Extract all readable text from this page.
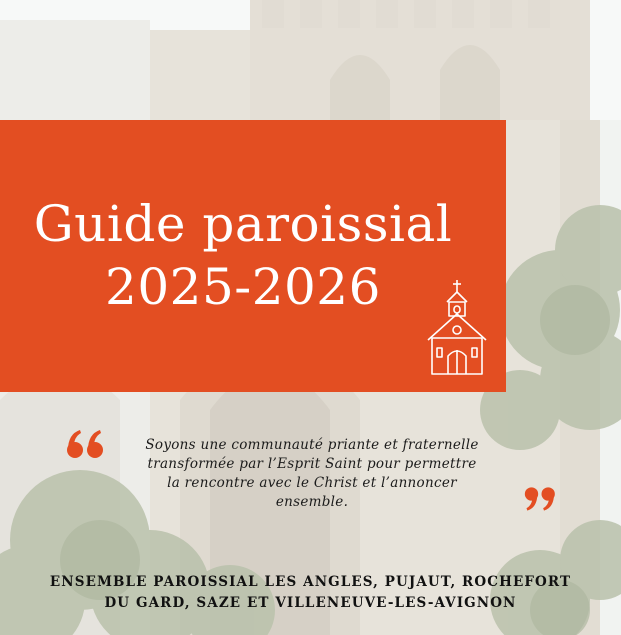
Guide paroissial
2025-2026
Soyons une communauté priante et fraternelle
transformée par l’Esprit Saint pour permettre
la rencontre avec le Christ et l’annoncer
ensemble.
ENSEMBLE PAROISSIAL LES ANGLES, PUJAUT, ROCHEFORT
DU GARD, SAZE ET VILLENEUVE-LES-AVIGNON
